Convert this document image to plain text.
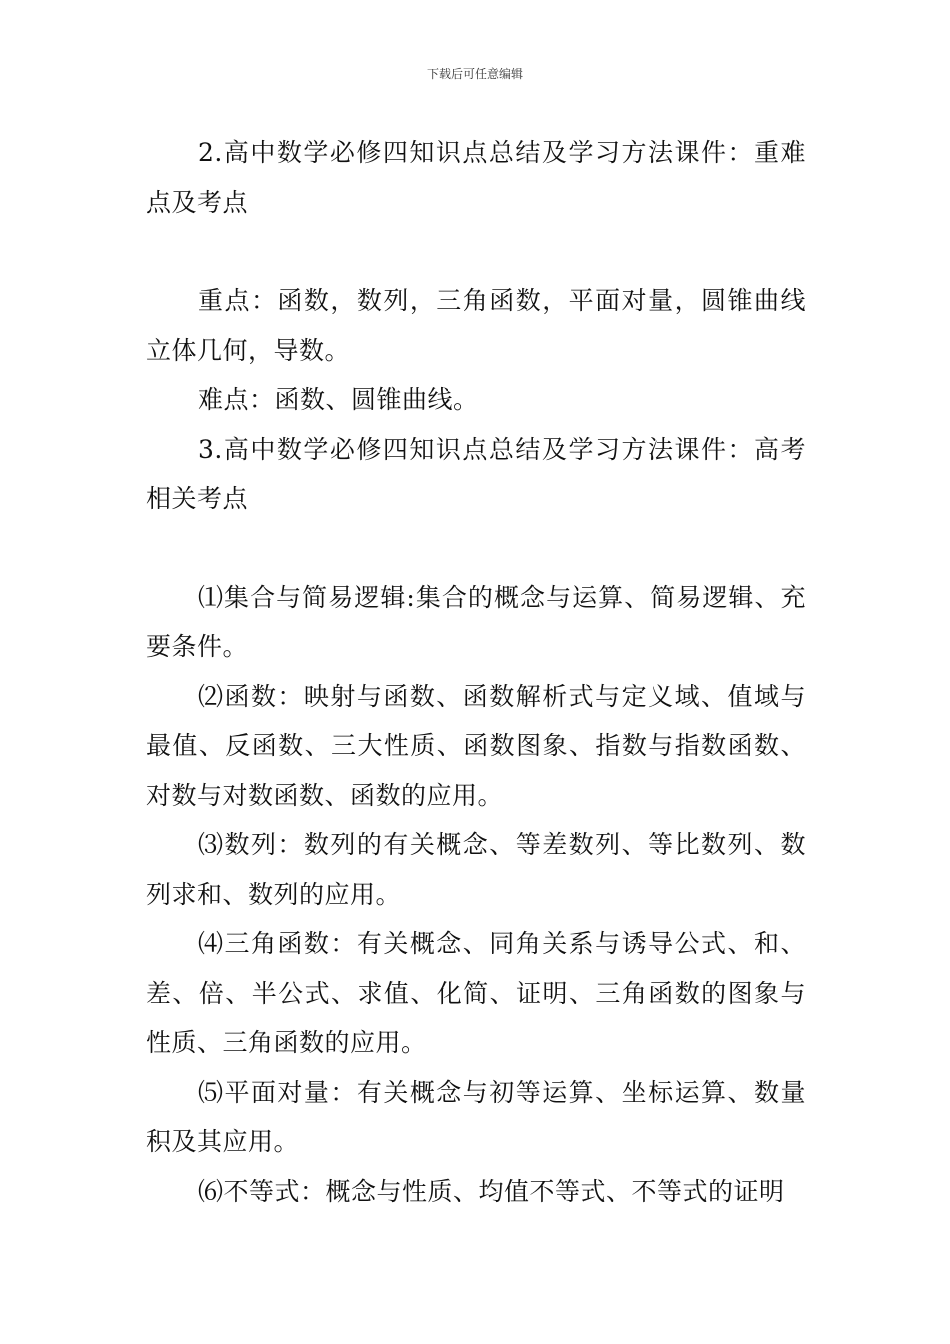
下载后可任意编辑

2.高中数学必修四知识点总结及学习方法课件：重难点及考点

重点：函数，数列，三角函数，平面对量，圆锥曲线立体几何，导数。

难点：函数、圆锥曲线。

3.高中数学必修四知识点总结及学习方法课件：高考相关考点

⑴集合与简易逻辑:集合的概念与运算、简易逻辑、充要条件。

⑵函数：映射与函数、函数解析式与定义域、值域与最值、反函数、三大性质、函数图象、指数与指数函数、对数与对数函数、函数的应用。

⑶数列：数列的有关概念、等差数列、等比数列、数列求和、数列的应用。

⑷三角函数：有关概念、同角关系与诱导公式、和、差、倍、半公式、求值、化简、证明、三角函数的图象与性质、三角函数的应用。

⑸平面对量：有关概念与初等运算、坐标运算、数量积及其应用。

⑹不等式：概念与性质、均值不等式、不等式的证明
